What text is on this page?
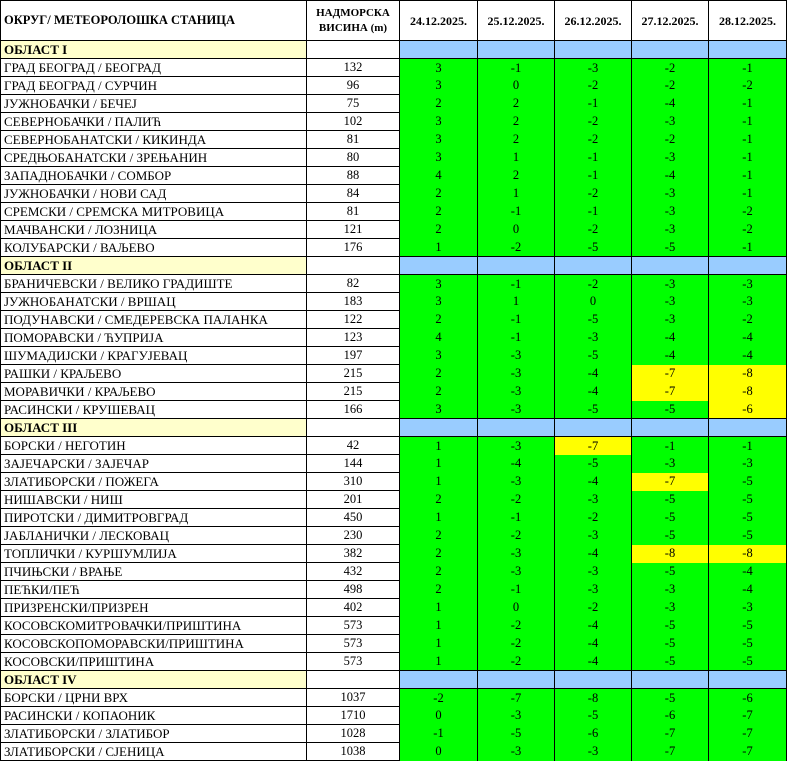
ОКРУГ/ МЕТЕОРОЛОШКА СТАНИЦА	НАДМОРСКА
ВИСИНА (m)	24.12.2025.	25.12.2025.	26.12.2025.	27.12.2025.	28.12.2025.
ОБЛАСТ I						
ГРАД БЕОГРАД / БЕОГРАД	132	3	-1	-3	-2	-1
ГРАД БЕОГРАД / СУРЧИН	96	3	0	-2	-2	-2
ЈУЖНОБАЧКИ / БЕЧЕЈ	75	2	2	-1	-4	-1
СЕВЕРНОБАЧКИ / ПАЛИЋ	102	3	2	-2	-3	-1
СЕВЕРНОБАНАТСКИ / КИКИНДА	81	3	2	-2	-2	-1
СРЕДЊОБАНАТСКИ / ЗРЕЊАНИН	80	3	1	-1	-3	-1
ЗАПАДНОБАЧКИ / СОМБОР	88	4	2	-1	-4	-1
ЈУЖНОБАЧКИ / НОВИ САД	84	2	1	-2	-3	-1
СРЕМСКИ / СРЕМСКА МИТРОВИЦА	81	2	-1	-1	-3	-2
МАЧВАНСКИ / ЛОЗНИЦА	121	2	0	-2	-3	-2
КОЛУБАРСКИ / ВАЉЕВО	176	1	-2	-5	-5	-1
ОБЛАСТ II						
БРАНИЧЕВСКИ / ВЕЛИКО ГРАДИШТЕ	82	3	-1	-2	-3	-3
ЈУЖНОБАНАТСКИ / ВРШАЦ	183	3	1	0	-3	-3
ПОДУНАВСКИ / СМЕДЕРЕВСКА ПАЛАНКА	122	2	-1	-5	-3	-2
ПОМОРАВСКИ / ЋУПРИЈА	123	4	-1	-3	-4	-4
ШУМАДИЈСКИ / КРАГУЈЕВАЦ	197	3	-3	-5	-4	-4
РАШКИ / КРАЉЕВО	215	2	-3	-4	-7	-8
МОРАВИЧКИ / КРАЉЕВО	215	2	-3	-4	-7	-8
РАСИНСКИ / КРУШЕВАЦ	166	3	-3	-5	-5	-6
ОБЛАСТ III						
БОРСКИ / НЕГОТИН	42	1	-3	-7	-1	-1
ЗАЈЕЧАРСКИ / ЗАЈЕЧАР	144	1	-4	-5	-3	-3
ЗЛАТИБОРСКИ / ПОЖЕГА	310	1	-3	-4	-7	-5
НИШАВСКИ / НИШ	201	2	-2	-3	-5	-5
ПИРОТСКИ / ДИМИТРОВГРАД	450	1	-1	-2	-5	-5
ЈАБЛАНИЧКИ / ЛЕСКОВАЦ	230	2	-2	-3	-5	-5
ТОПЛИЧКИ / КУРШУМЛИЈА	382	2	-3	-4	-8	-8
ПЧИЊСКИ / ВРАЊЕ	432	2	-3	-3	-5	-4
ПЕЋКИ/ПЕЋ	498	2	-1	-3	-3	-4
ПРИЗРЕНСКИ/ПРИЗРЕН	402	1	0	-2	-3	-3
КОСОВСКОМИТРОВАЧКИ/ПРИШТИНА	573	1	-2	-4	-5	-5
КОСОВСКОПОМОРАВСКИ/ПРИШТИНА	573	1	-2	-4	-5	-5
КОСОВСКИ/ПРИШТИНА	573	1	-2	-4	-5	-5
ОБЛАСТ IV						
БОРСКИ / ЦРНИ ВРХ	1037	-2	-7	-8	-5	-6
РАСИНСКИ / КОПАОНИК	1710	0	-3	-5	-6	-7
ЗЛАТИБОРСКИ / ЗЛАТИБОР	1028	-1	-5	-6	-7	-7
ЗЛАТИБОРСКИ / СЈЕНИЦА	1038	0	-3	-3	-7	-7
